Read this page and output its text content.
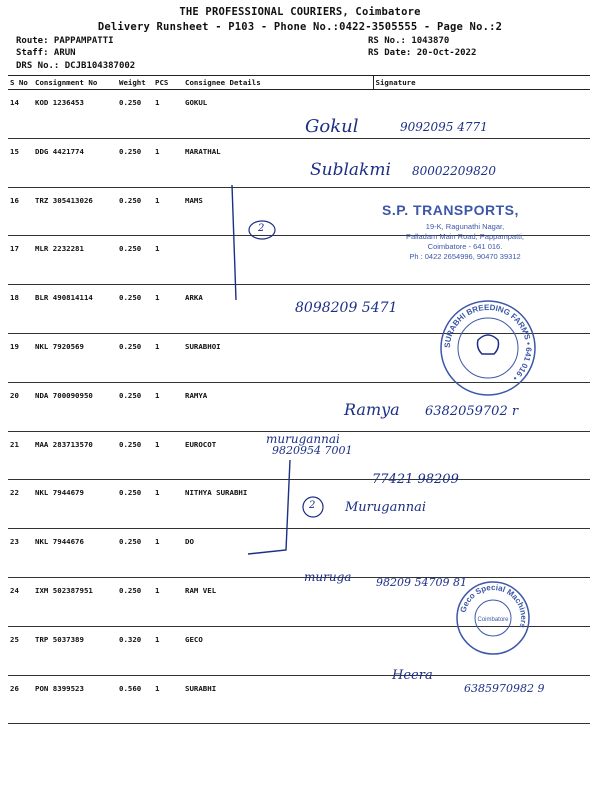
THE PROFESSIONAL COURIERS, Coimbatore
Delivery Runsheet - P103 - Phone No.:0422-3505555 - Page No.:2
Route: PAPPAMPATTI
Staff: ARUN
DRS No.: DCJB104387002
RS No.: 1043870
RS Date: 20-Oct-2022
S No	Consignment No	Weight	PCS	Consignee Details	Signature
14	KOD 1236453	0.250	1	GOKUL	
15	DDG 4421774	0.250	1	MARATHAL	
16	TRZ 305413026	0.250	1	MAMS	
17	MLR 2232281	0.250	1		
18	BLR 490814114	0.250	1	ARKA	
19	NKL 7920569	0.250	1	SURABHOI	
20	NDA 700090950	0.250	1	RAMYA	
21	MAA 283713570	0.250	1	EUROCOT	
22	NKL 7944679	0.250	1	NITHYA SURABHI	
23	NKL 7944676	0.250	1	DO	
24	IXM 502387951	0.250	1	RAM VEL	
25	TRP 5037389	0.320	1	GECO	
26	PON 8399523	0.560	1	SURABHI	
Gokul	9092095 4771
Sublakmi 80002209820
2
8098209 5471
Ramya 6382059702 r
murugannai
9820954 7001
77421 98209
2 Murugannai
muruga 98209 54709 81
Heera
6385970982 9
S.P. TRANSPORTS,
19-K, Ragunathi Nagar,
Palladam Main Road, Pappampatti,
Coimbatore - 641 016.
Ph : 0422 2654996, 90470 39312
SURABHI BREEDING FARMS • 641 016 •
Geco Special Machiners
Coimbatore
